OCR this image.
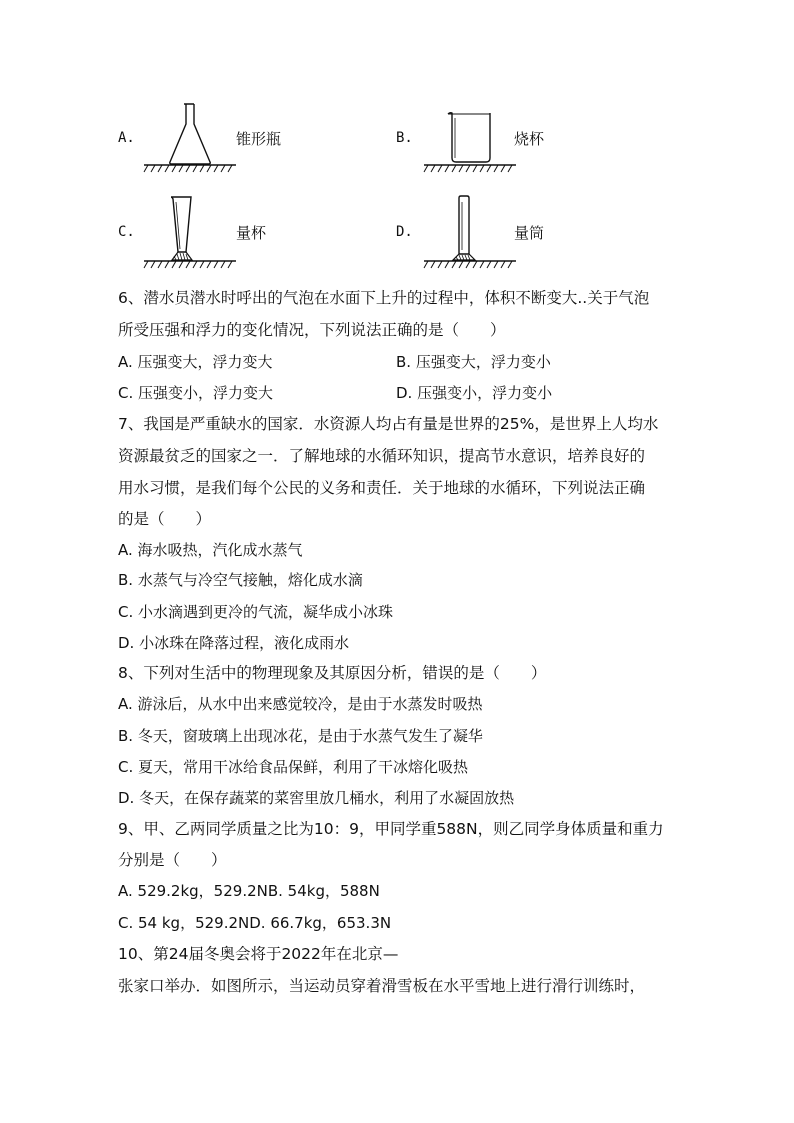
A.	锥形瓶	B.	烧杯
C.	量杯	D.	量筒
6、潜水员潜水时呼出的气泡在水面下上升的过程中，体积不断变大..关于气泡
所受压强和浮力的变化情况，下列说法正确的是（　　）
A. 压强变大，浮力变大	B. 压强变大，浮力变小
C. 压强变小，浮力变大	D. 压强变小，浮力变小
7、我国是严重缺水的国家．水资源人均占有量是世界的25%，是世界上人均水
资源最贫乏的国家之一．了解地球的水循环知识，提高节水意识，培养良好的
用水习惯，是我们每个公民的义务和责任．关于地球的水循环，下列说法正确
的是（　　）
A. 海水吸热，汽化成水蒸气
B. 水蒸气与冷空气接触，熔化成水滴
C. 小水滴遇到更冷的气流，凝华成小冰珠
D. 小冰珠在降落过程，液化成雨水
8、下列对生活中的物理现象及其原因分析，错误的是（　　）
A. 游泳后，从水中出来感觉较冷，是由于水蒸发时吸热
B. 冬天，窗玻璃上出现冰花，是由于水蒸气发生了凝华
C. 夏天，常用干冰给食品保鲜，利用了干冰熔化吸热
D. 冬天，在保存蔬菜的菜窖里放几桶水，利用了水凝固放热
9、甲、乙两同学质量之比为10：9，甲同学重588N，则乙同学身体质量和重力
分别是（　　）
A. 529.2kg，529.2NB. 54kg，588N
C. 54 kg，529.2ND. 66.7kg，653.3N
10、第24届冬奥会将于2022年在北京—
张家口举办．如图所示，当运动员穿着滑雪板在水平雪地上进行滑行训练时，
